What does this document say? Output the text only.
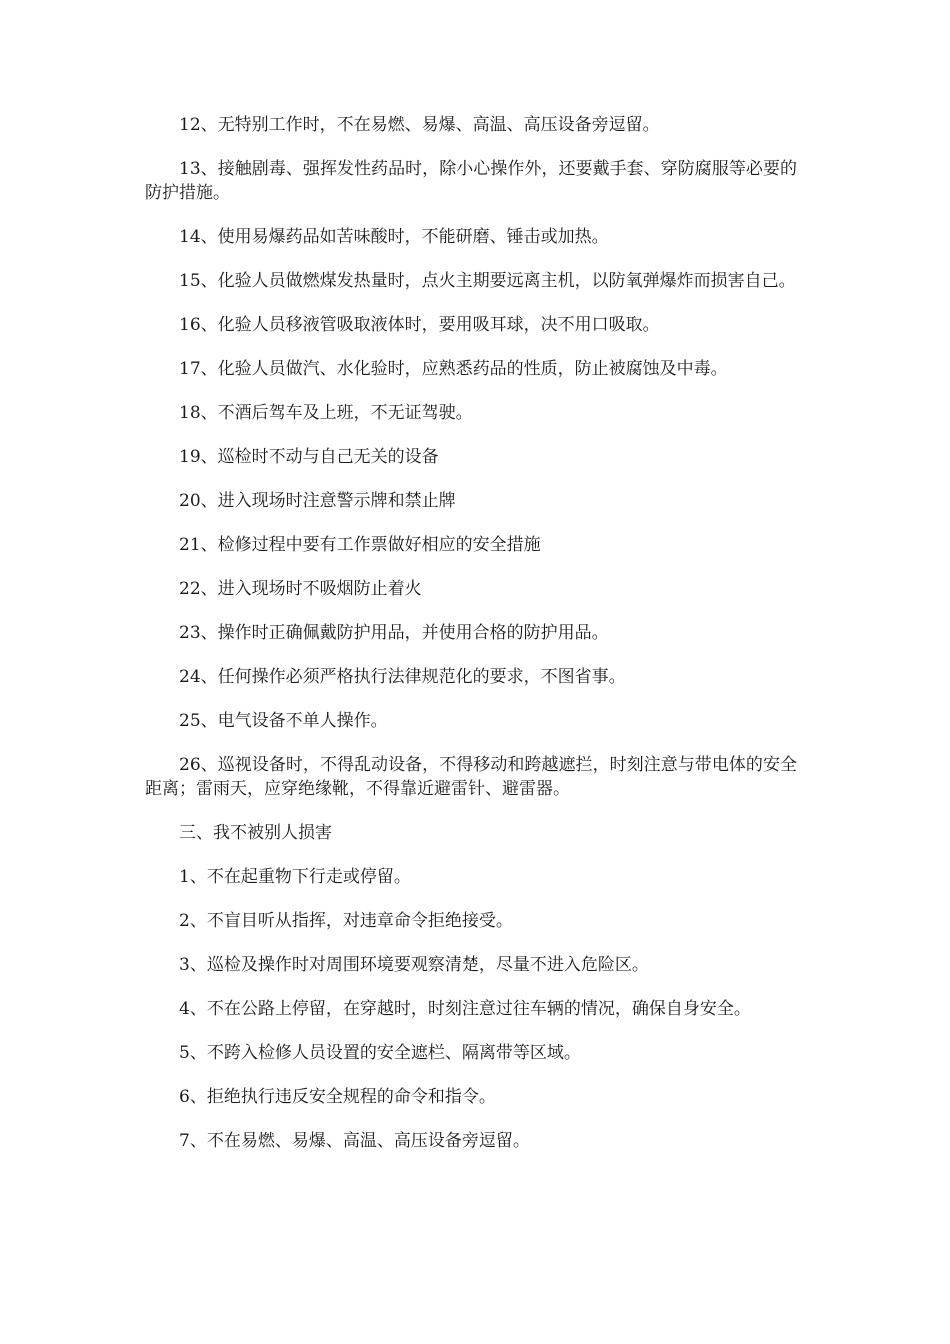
12、无特别工作时，不在易燃、易爆、高温、高压设备旁逗留。

13、接触剧毒、强挥发性药品时，除小心操作外，还要戴手套、穿防腐服等必要的防护措施。

14、使用易爆药品如苦味酸时，不能研磨、锤击或加热。

15、化验人员做燃煤发热量时，点火主期要远离主机，以防氧弹爆炸而损害自己。

16、化验人员移液管吸取液体时，要用吸耳球，决不用口吸取。

17、化验人员做汽、水化验时，应熟悉药品的性质，防止被腐蚀及中毒。

18、不酒后驾车及上班，不无证驾驶。

19、巡检时不动与自己无关的设备

20、进入现场时注意警示牌和禁止牌

21、检修过程中要有工作票做好相应的安全措施

22、进入现场时不吸烟防止着火

23、操作时正确佩戴防护用品，并使用合格的防护用品。

24、任何操作必须严格执行法律规范化的要求，不图省事。

25、电气设备不单人操作。

26、巡视设备时，不得乱动设备，不得移动和跨越遮拦，时刻注意与带电体的安全距离；雷雨天，应穿绝缘靴，不得靠近避雷针、避雷器。

三、我不被别人损害

1、不在起重物下行走或停留。

2、不盲目听从指挥，对违章命令拒绝接受。

3、巡检及操作时对周围环境要观察清楚，尽量不进入危险区。

4、不在公路上停留，在穿越时，时刻注意过往车辆的情况，确保自身安全。

5、不跨入检修人员设置的安全遮栏、隔离带等区域。

6、拒绝执行违反安全规程的命令和指令。

7、不在易燃、易爆、高温、高压设备旁逗留。
